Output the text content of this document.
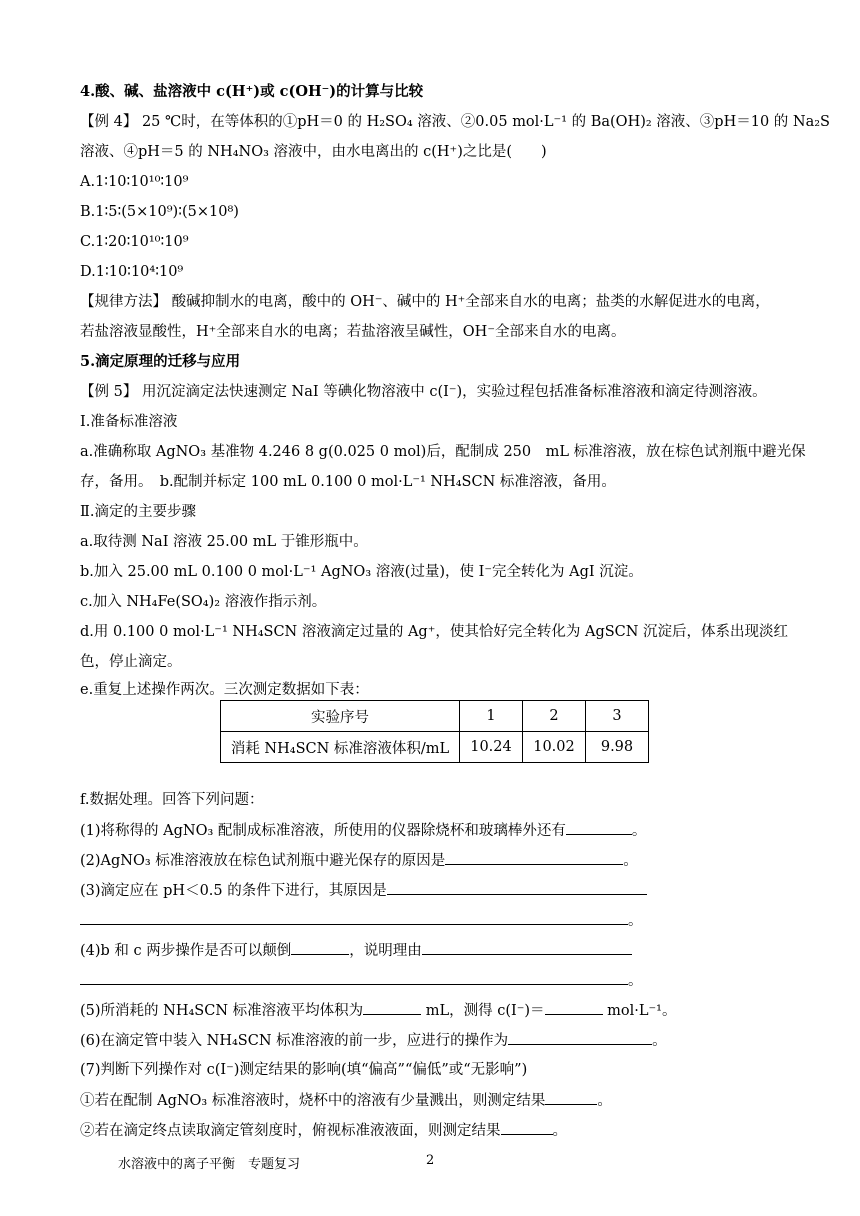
4.酸、碱、盐溶液中 c(H⁺)或 c(OH⁻)的计算与比较
【例 4】 25 ℃时，在等体积的①pH＝0 的 H₂SO₄ 溶液、②0.05 mol·L⁻¹ 的 Ba(OH)₂ 溶液、③pH＝10 的 Na₂S
溶液、④pH＝5 的 NH₄NO₃ 溶液中，由水电离出的 c(H⁺)之比是(　　)
A.1∶10∶10¹⁰∶10⁹
B.1∶5∶(5×10⁹)∶(5×10⁸)
C.1∶20∶10¹⁰∶10⁹
D.1∶10∶10⁴∶10⁹
【规律方法】 酸碱抑制水的电离，酸中的 OH⁻、碱中的 H⁺全部来自水的电离；盐类的水解促进水的电离，
若盐溶液显酸性，H⁺全部来自水的电离；若盐溶液呈碱性，OH⁻全部来自水的电离。
5.滴定原理的迁移与应用
【例 5】 用沉淀滴定法快速测定 NaI 等碘化物溶液中 c(I⁻)，实验过程包括准备标准溶液和滴定待测溶液。
Ⅰ.准备标准溶液
a.准确称取 AgNO₃ 基准物 4.246 8 g(0.025 0 mol)后，配制成 250　mL 标准溶液，放在棕色试剂瓶中避光保
存，备用。　b.配制并标定 100 mL 0.100 0 mol·L⁻¹ NH₄SCN 标准溶液，备用。
Ⅱ.滴定的主要步骤
a.取待测 NaI 溶液 25.00 mL 于锥形瓶中。
b.加入 25.00 mL 0.100 0 mol·L⁻¹ AgNO₃ 溶液(过量)，使 I⁻完全转化为 AgI 沉淀。
c.加入 NH₄Fe(SO₄)₂ 溶液作指示剂。
d.用 0.100 0 mol·L⁻¹ NH₄SCN 溶液滴定过量的 Ag⁺，使其恰好完全转化为 AgSCN 沉淀后，体系出现淡红
色，停止滴定。
e.重复上述操作两次。三次测定数据如下表：
实验序号	1	2	3
消耗 NH₄SCN 标准溶液体积/mL	10.24	10.02	9.98
f.数据处理。回答下列问题：
(1)将称得的 AgNO₃ 配制成标准溶液，所使用的仪器除烧杯和玻璃棒外还有	。
(2)AgNO₃ 标准溶液放在棕色试剂瓶中避光保存的原因是	。
(3)滴定应在 pH＜0.5 的条件下进行，其原因是
。
(4)b 和 c 两步操作是否可以颠倒	，说明理由
。
(5)所消耗的 NH₄SCN 标准溶液平均体积为	mL，测得 c(I⁻)＝	mol·L⁻¹。
(6)在滴定管中装入 NH₄SCN 标准溶液的前一步，应进行的操作为	。
(7)判断下列操作对 c(I⁻)测定结果的影响(填“偏高”“偏低”或“无影响”)
①若在配制 AgNO₃ 标准溶液时，烧杯中的溶液有少量溅出，则测定结果	。
②若在滴定终点读取滴定管刻度时，俯视标准液液面，则测定结果	。
水溶液中的离子平衡　专题复习	2
